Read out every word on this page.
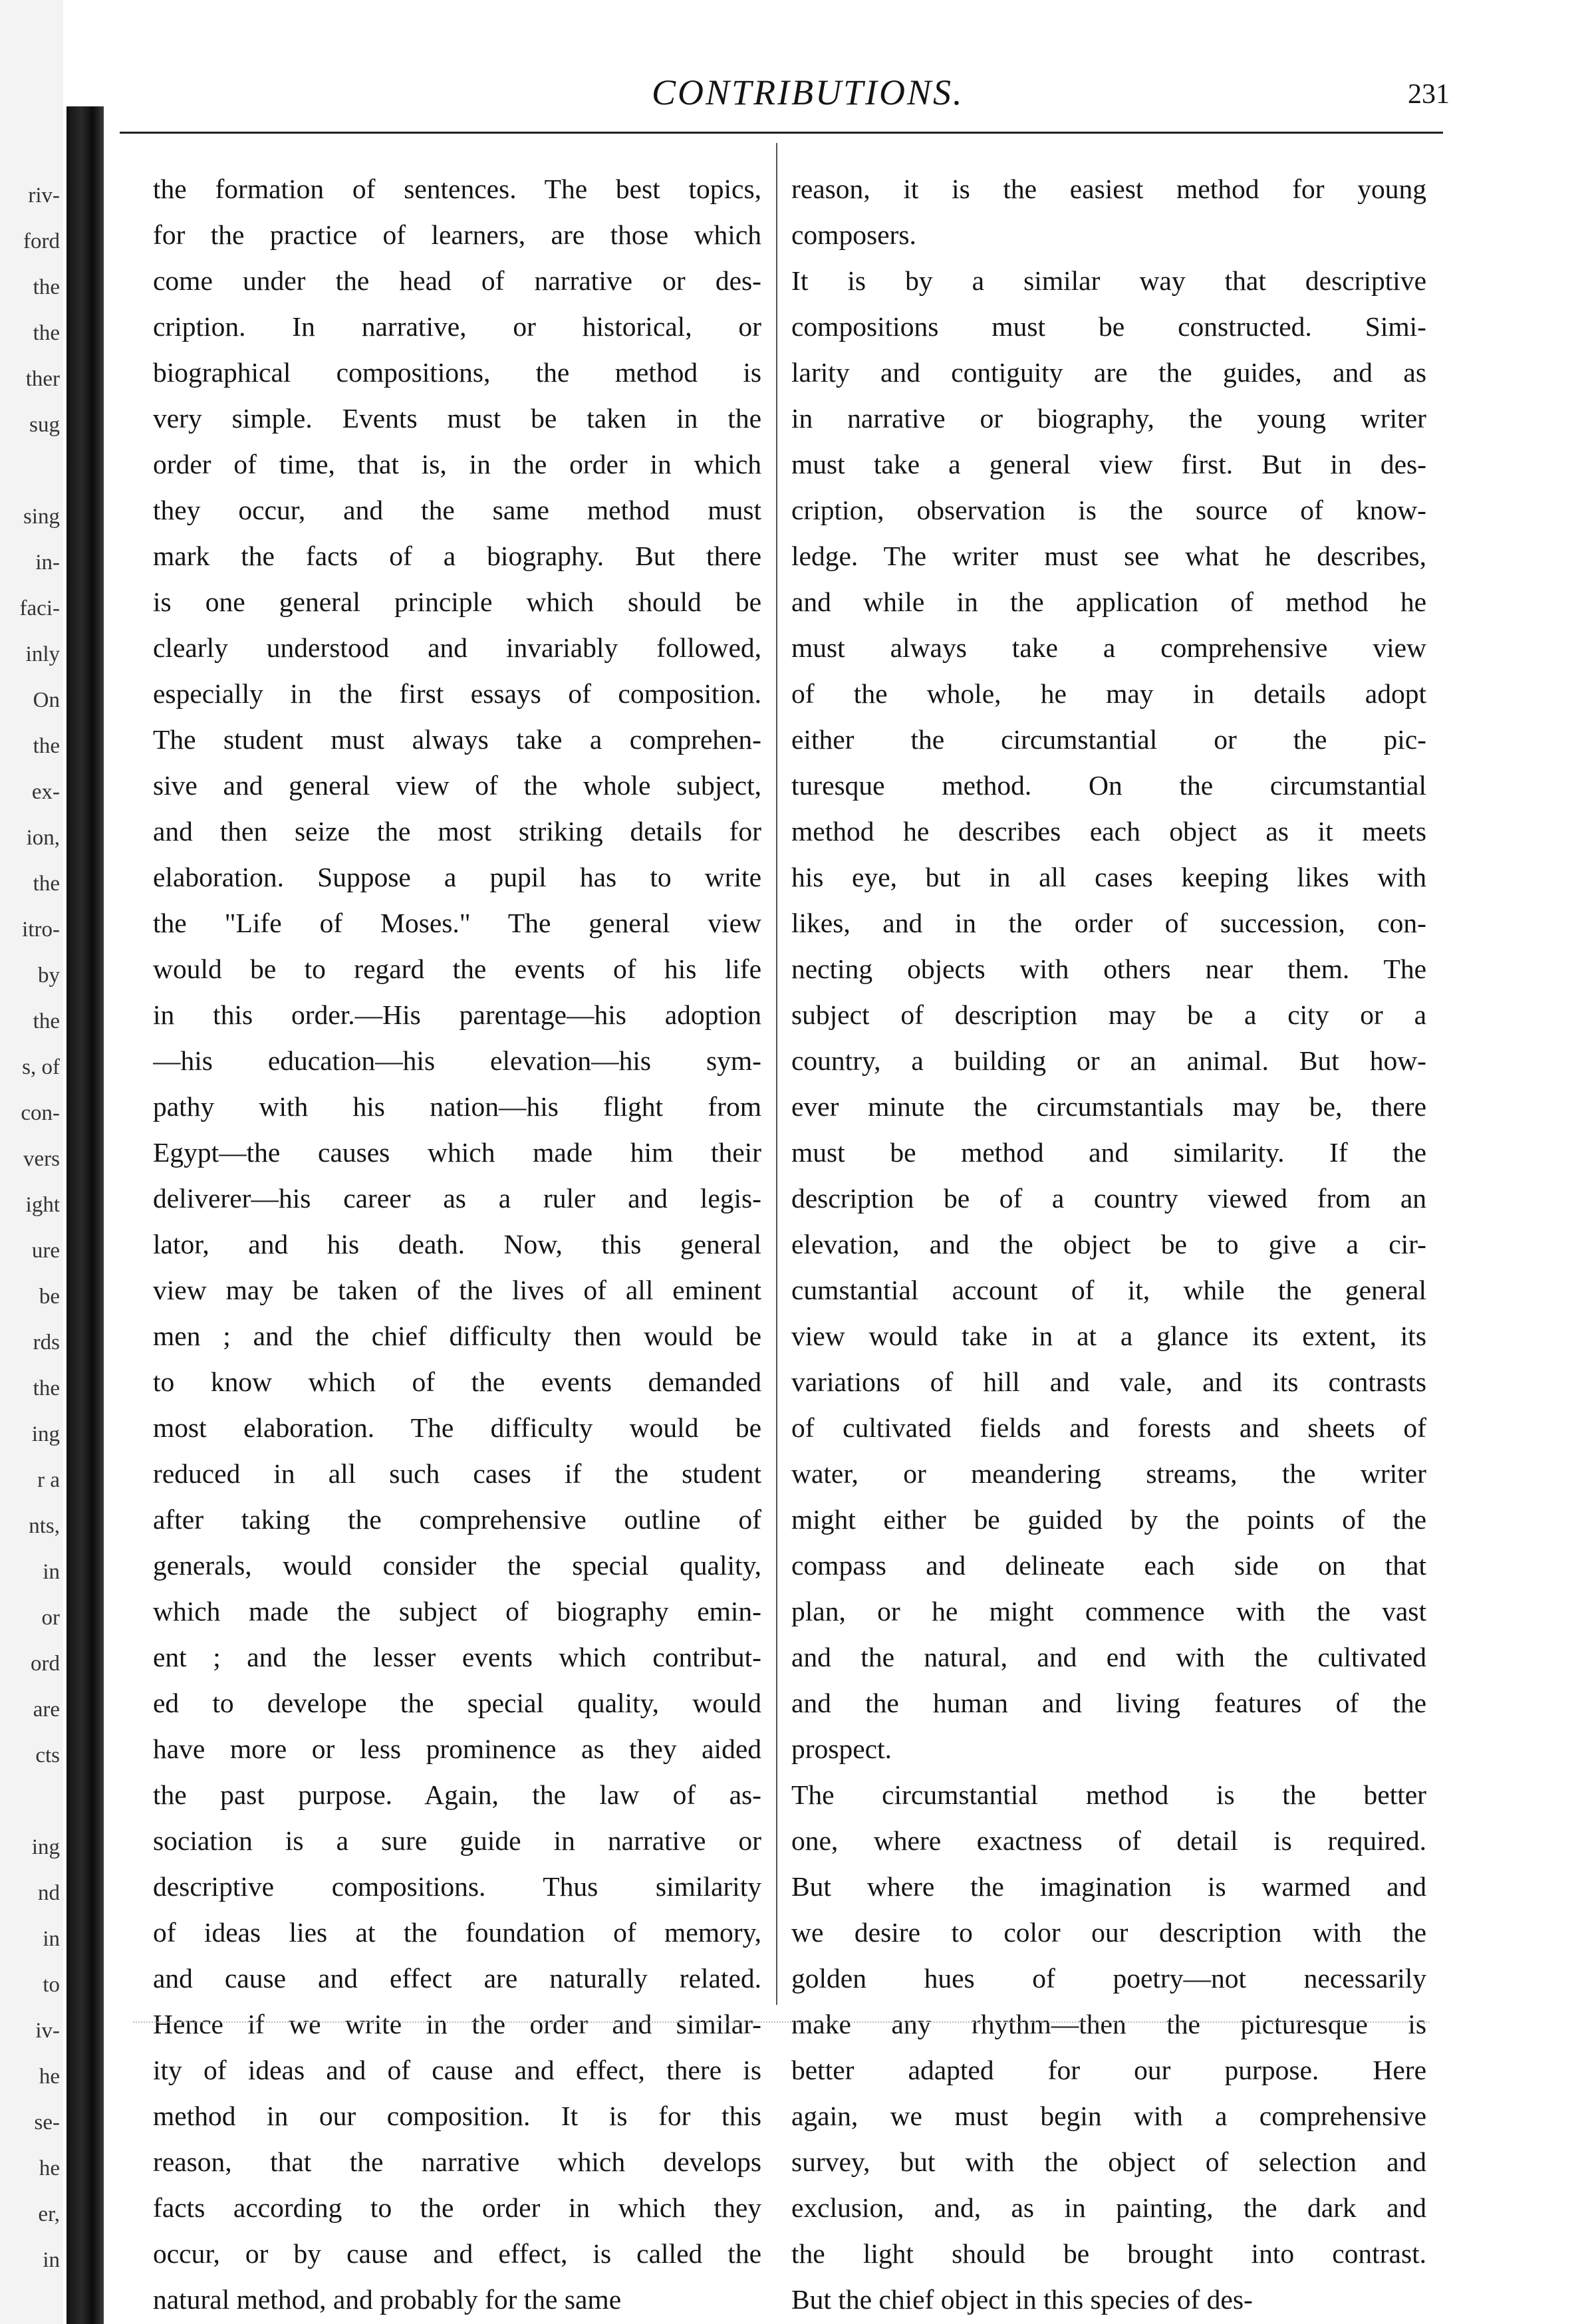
riv-
ford
the
the
ther
sug
sing
in-
faci-
inly
On
the
ex-
ion,
the
itro-
by
the
s, of
con-
vers
ight
ure
be
rds
the
ing
r a
nts,
in
or
ord
are
cts
ing
nd
in
to
iv-
he
se-
he
er,
in
CONTRIBUTIONS.	231
the formation of sentences. The best topics,
for the practice of learners, are those which
come under the head of narrative or des-
cription. In narrative, or historical, or
biographical compositions, the method is
very simple. Events must be taken in the
order of time, that is, in the order in which
they occur, and the same method must
mark the facts of a biography. But there
is one general principle which should be
clearly understood and invariably followed,
especially in the first essays of composition.
The student must always take a comprehen-
sive and general view of the whole subject,
and then seize the most striking details for
elaboration. Suppose a pupil has to write
the "Life of Moses." The general view
would be to regard the events of his life
in this order.—His parentage—his adoption
—his education—his elevation—his sym-
pathy with his nation—his flight from
Egypt—the causes which made him their
deliverer—his career as a ruler and legis-
lator, and his death. Now, this general
view may be taken of the lives of all eminent
men ; and the chief difficulty then would be
to know which of the events demanded
most elaboration. The difficulty would be
reduced in all such cases if the student
after taking the comprehensive outline of
generals, would consider the special quality,
which made the subject of biography emin-
ent ; and the lesser events which contribut-
ed to develope the special quality, would
have more or less prominence as they aided
the past purpose. Again, the law of as-
sociation is a sure guide in narrative or
descriptive compositions. Thus similarity
of ideas lies at the foundation of memory,
and cause and effect are naturally related.
Hence if we write in the order and similar-
ity of ideas and of cause and effect, there is
method in our composition. It is for this
reason, that the narrative which develops
facts according to the order in which they
occur, or by cause and effect, is called the
natural method, and probably for the same
reason, it is the easiest method for young
composers.
It is by a similar way that descriptive
compositions must be constructed. Simi-
larity and contiguity are the guides, and as
in narrative or biography, the young writer
must take a general view first. But in des-
cription, observation is the source of know-
ledge. The writer must see what he describes,
and while in the application of method he
must always take a comprehensive view
of the whole, he may in details adopt
either the circumstantial or the pic-
turesque method. On the circumstantial
method he describes each object as it meets
his eye, but in all cases keeping likes with
likes, and in the order of succession, con-
necting objects with others near them. The
subject of description may be a city or a
country, a building or an animal. But how-
ever minute the circumstantials may be, there
must be method and similarity. If the
description be of a country viewed from an
elevation, and the object be to give a cir-
cumstantial account of it, while the general
view would take in at a glance its extent, its
variations of hill and vale, and its contrasts
of cultivated fields and forests and sheets of
water, or meandering streams, the writer
might either be guided by the points of the
compass and delineate each side on that
plan, or he might commence with the vast
and the natural, and end with the cultivated
and the human and living features of the
prospect.
The circumstantial method is the better
one, where exactness of detail is required.
But where the imagination is warmed and
we desire to color our description with the
golden hues of poetry—not necessarily
make any rhythm—then the picturesque is
better adapted for our purpose. Here
again, we must begin with a comprehensive
survey, but with the object of selection and
exclusion, and, as in painting, the dark and
the light should be brought into contrast.
But the chief object in this species of des-
